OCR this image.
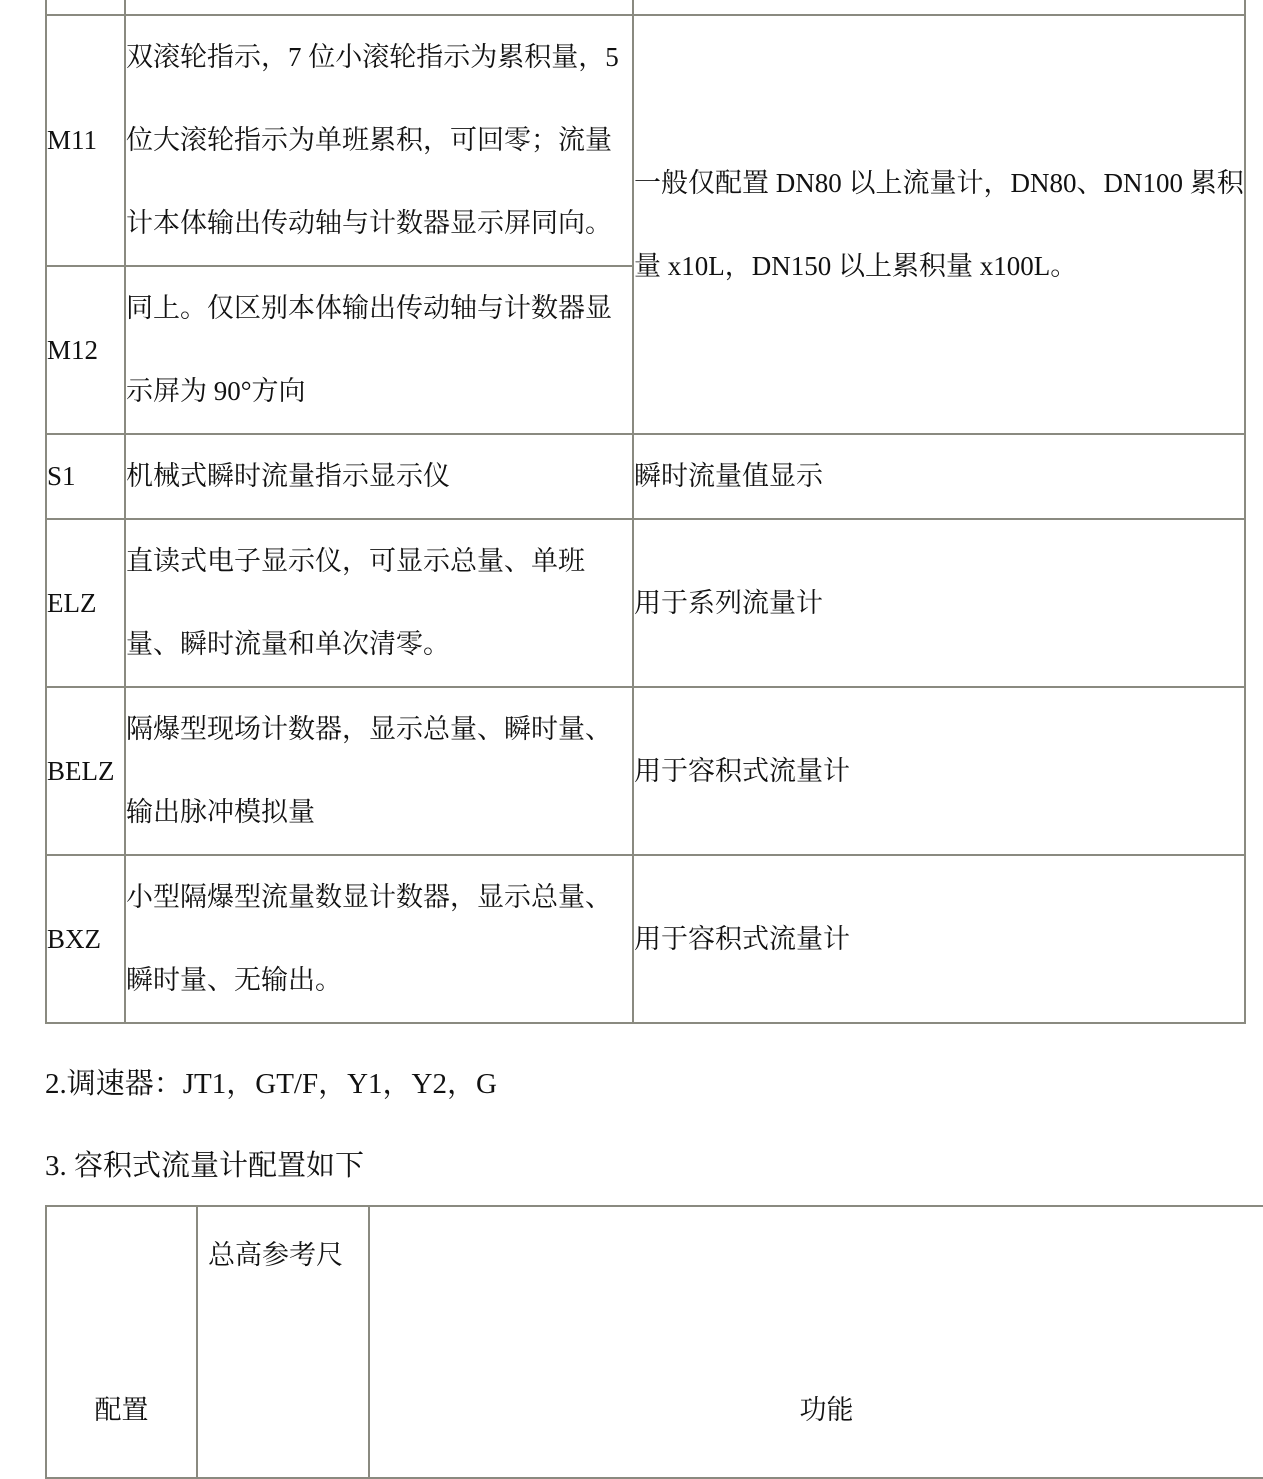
M11	双滚轮指示，7 位小滚轮指示为累积量，5 位大滚轮指示为单班累积，可回零；流量计本体输出传动轴与计数器显示屏同向。	一般仅配置 DN80 以上流量计，DN80、DN100 累积量 x10L，DN150 以上累积量 x100L。
M12	同上。仅区别本体输出传动轴与计数器显示屏为 90°方向	
S1	机械式瞬时流量指示显示仪	瞬时流量值显示
ELZ	直读式电子显示仪，可显示总量、单班量、瞬时流量和单次清零。	用于系列流量计
BELZ	隔爆型现场计数器，显示总量、瞬时量、输出脉冲模拟量	用于容积式流量计
BXZ	小型隔爆型流量数显计数器，显示总量、瞬时量、无输出。	用于容积式流量计
2.调速器：JT1，GT/F，Y1，Y2，G
3. 容积式流量计配置如下
配置	总高参考尺	功能
